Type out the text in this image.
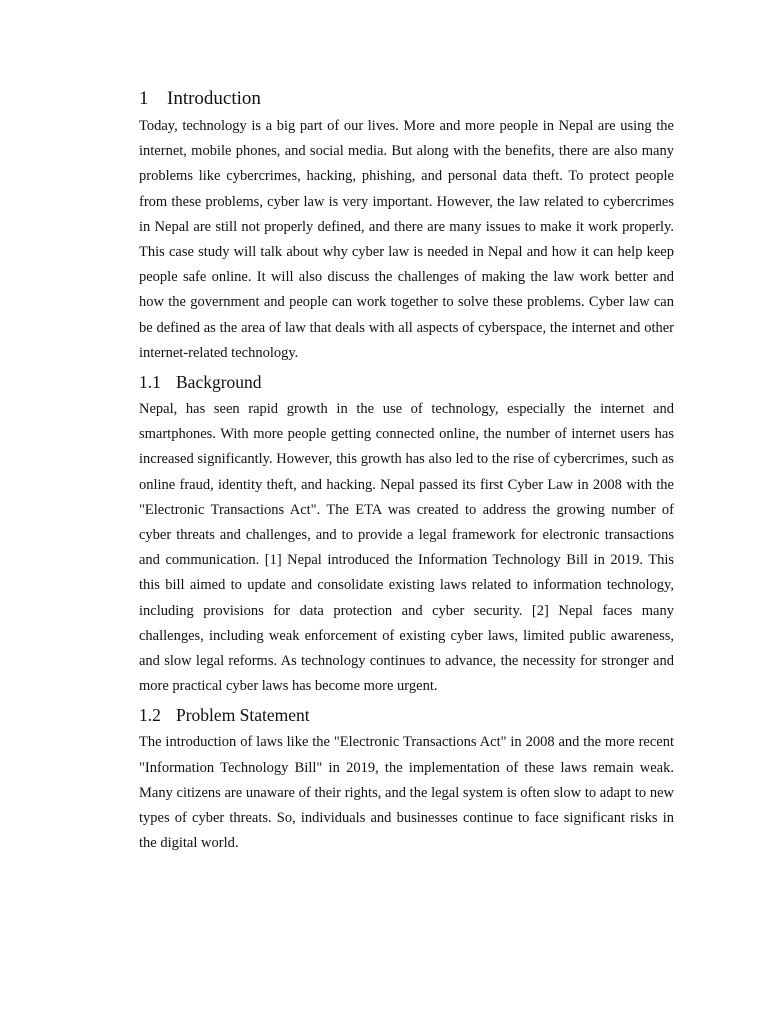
1 Introduction

Today, technology is a big part of our lives. More and more people in Nepal are using the internet, mobile phones, and social media. But along with the benefits, there are also many problems like cybercrimes, hacking, phishing, and personal data theft. To protect people from these problems, cyber law is very important. However, the law related to cybercrimes in Nepal are still not properly defined, and there are many issues to make it work properly. This case study will talk about why cyber law is needed in Nepal and how it can help keep people safe online. It will also discuss the challenges of making the law work better and how the government and people can work together to solve these problems. Cyber law can be defined as the area of law that deals with all aspects of cyberspace, the internet and other internet-related technology.

1.1 Background

Nepal, has seen rapid growth in the use of technology, especially the internet and smartphones. With more people getting connected online, the number of internet users has increased significantly. However, this growth has also led to the rise of cybercrimes, such as online fraud, identity theft, and hacking. Nepal passed its first Cyber Law in 2008 with the "Electronic Transactions Act". The ETA was created to address the growing number of cyber threats and challenges, and to provide a legal framework for electronic transactions and communication. [1] Nepal introduced the Information Technology Bill in 2019. This this bill aimed to update and consolidate existing laws related to information technology, including provisions for data protection and cyber security. [2] Nepal faces many challenges, including weak enforcement of existing cyber laws, limited public awareness, and slow legal reforms. As technology continues to advance, the necessity for stronger and more practical cyber laws has become more urgent.

1.2 Problem Statement

The introduction of laws like the "Electronic Transactions Act" in 2008 and the more recent "Information Technology Bill" in 2019, the implementation of these laws remain weak. Many citizens are unaware of their rights, and the legal system is often slow to adapt to new types of cyber threats. So, individuals and businesses continue to face significant risks in the digital world.
